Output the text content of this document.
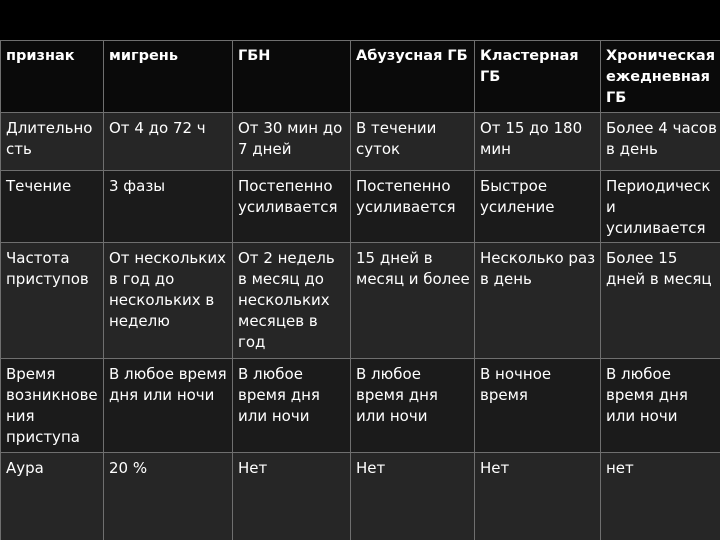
признак	мигрень	ГБН	Абузусная ГБ	Кластерная ГБ	Хроническая ежедневная ГБ
Длительность	От 4 до 72 ч	От 30 мин до 7 дней	В течении суток	От 15 до 180 мин	Более 4 часов в день
Течение	3 фазы	Постепенно усиливается	Постепенно усиливается	Быстрое усиление	Периодически усиливается
Частота приступов	От нескольких в год до нескольких в неделю	От 2 недель в месяц до нескольких месяцев в год	15 дней в месяц и более	Несколько раз в день	Более 15 дней в месяц
Время возникновения приступа	В любое время дня или ночи	В любое время дня или ночи	В любое время дня или ночи	В ночное время	В любое время дня или ночи
Аура	20 %	Нет	Нет	Нет	нет
